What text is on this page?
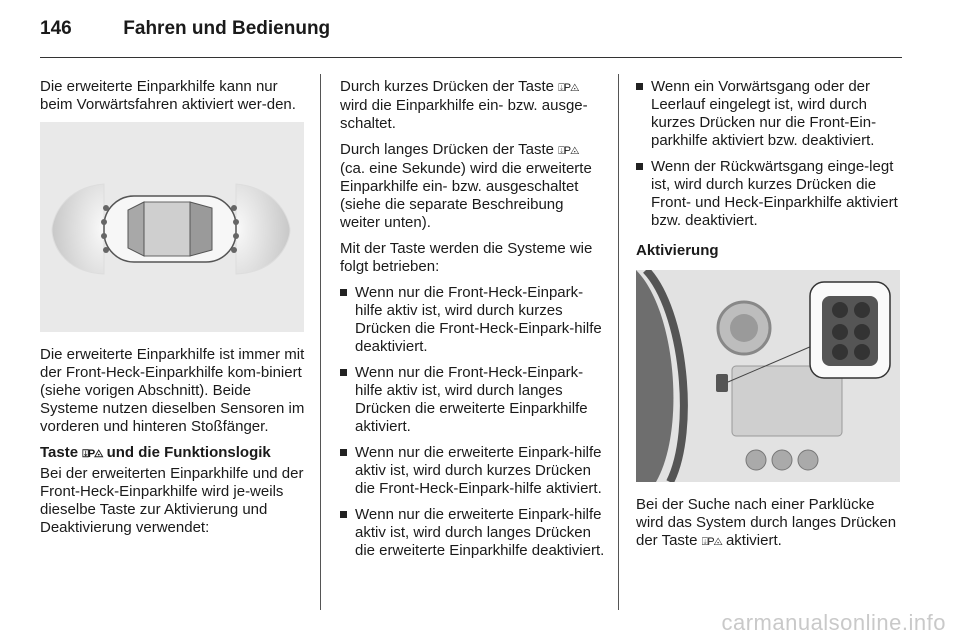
146	Fahren und Bedienung

Die erweiterte Einparkhilfe kann nur beim Vorwärtsfahren aktiviert wer-den.

Die erweiterte Einparkhilfe ist immer mit der Front-Heck-Einparkhilfe kom-biniert (siehe vorigen Abschnitt). Beide Systeme nutzen dieselben Sensoren im vorderen und hinteren Stoßfänger.

Taste ⍗P◬ und die Funktionslogik

Bei der erweiterten Einparkhilfe und der Front-Heck-Einparkhilfe wird je-weils dieselbe Taste zur Aktivierung und Deaktivierung verwendet:

Durch kurzes Drücken der Taste ⍗P◬ wird die Einparkhilfe ein- bzw. ausge-schaltet.

Durch langes Drücken der Taste ⍗P◬ (ca. eine Sekunde) wird die erweiterte Einparkhilfe ein- bzw. ausgeschaltet (siehe die separate Beschreibung weiter unten).

Mit der Taste werden die Systeme wie folgt betrieben:

Wenn nur die Front-Heck-Einpark-hilfe aktiv ist, wird durch kurzes Drücken die Front-Heck-Einpark-hilfe deaktiviert.
Wenn nur die Front-Heck-Einpark-hilfe aktiv ist, wird durch langes Drücken die erweiterte Einparkhilfe aktiviert.
Wenn nur die erweiterte Einpark-hilfe aktiv ist, wird durch kurzes Drücken die Front-Heck-Einpark-hilfe aktiviert.
Wenn nur die erweiterte Einpark-hilfe aktiv ist, wird durch langes Drücken die erweiterte Einparkhilfe deaktiviert.
Wenn ein Vorwärtsgang oder der Leerlauf eingelegt ist, wird durch kurzes Drücken nur die Front-Ein-parkhilfe aktiviert bzw. deaktiviert.
Wenn der Rückwärtsgang einge-legt ist, wird durch kurzes Drücken die Front- und Heck-Einparkhilfe aktiviert bzw. deaktiviert.
Aktivierung

Bei der Suche nach einer Parklücke wird das System durch langes Drücken der Taste ⍗P◬ aktiviert.

carmanualsonline.info
